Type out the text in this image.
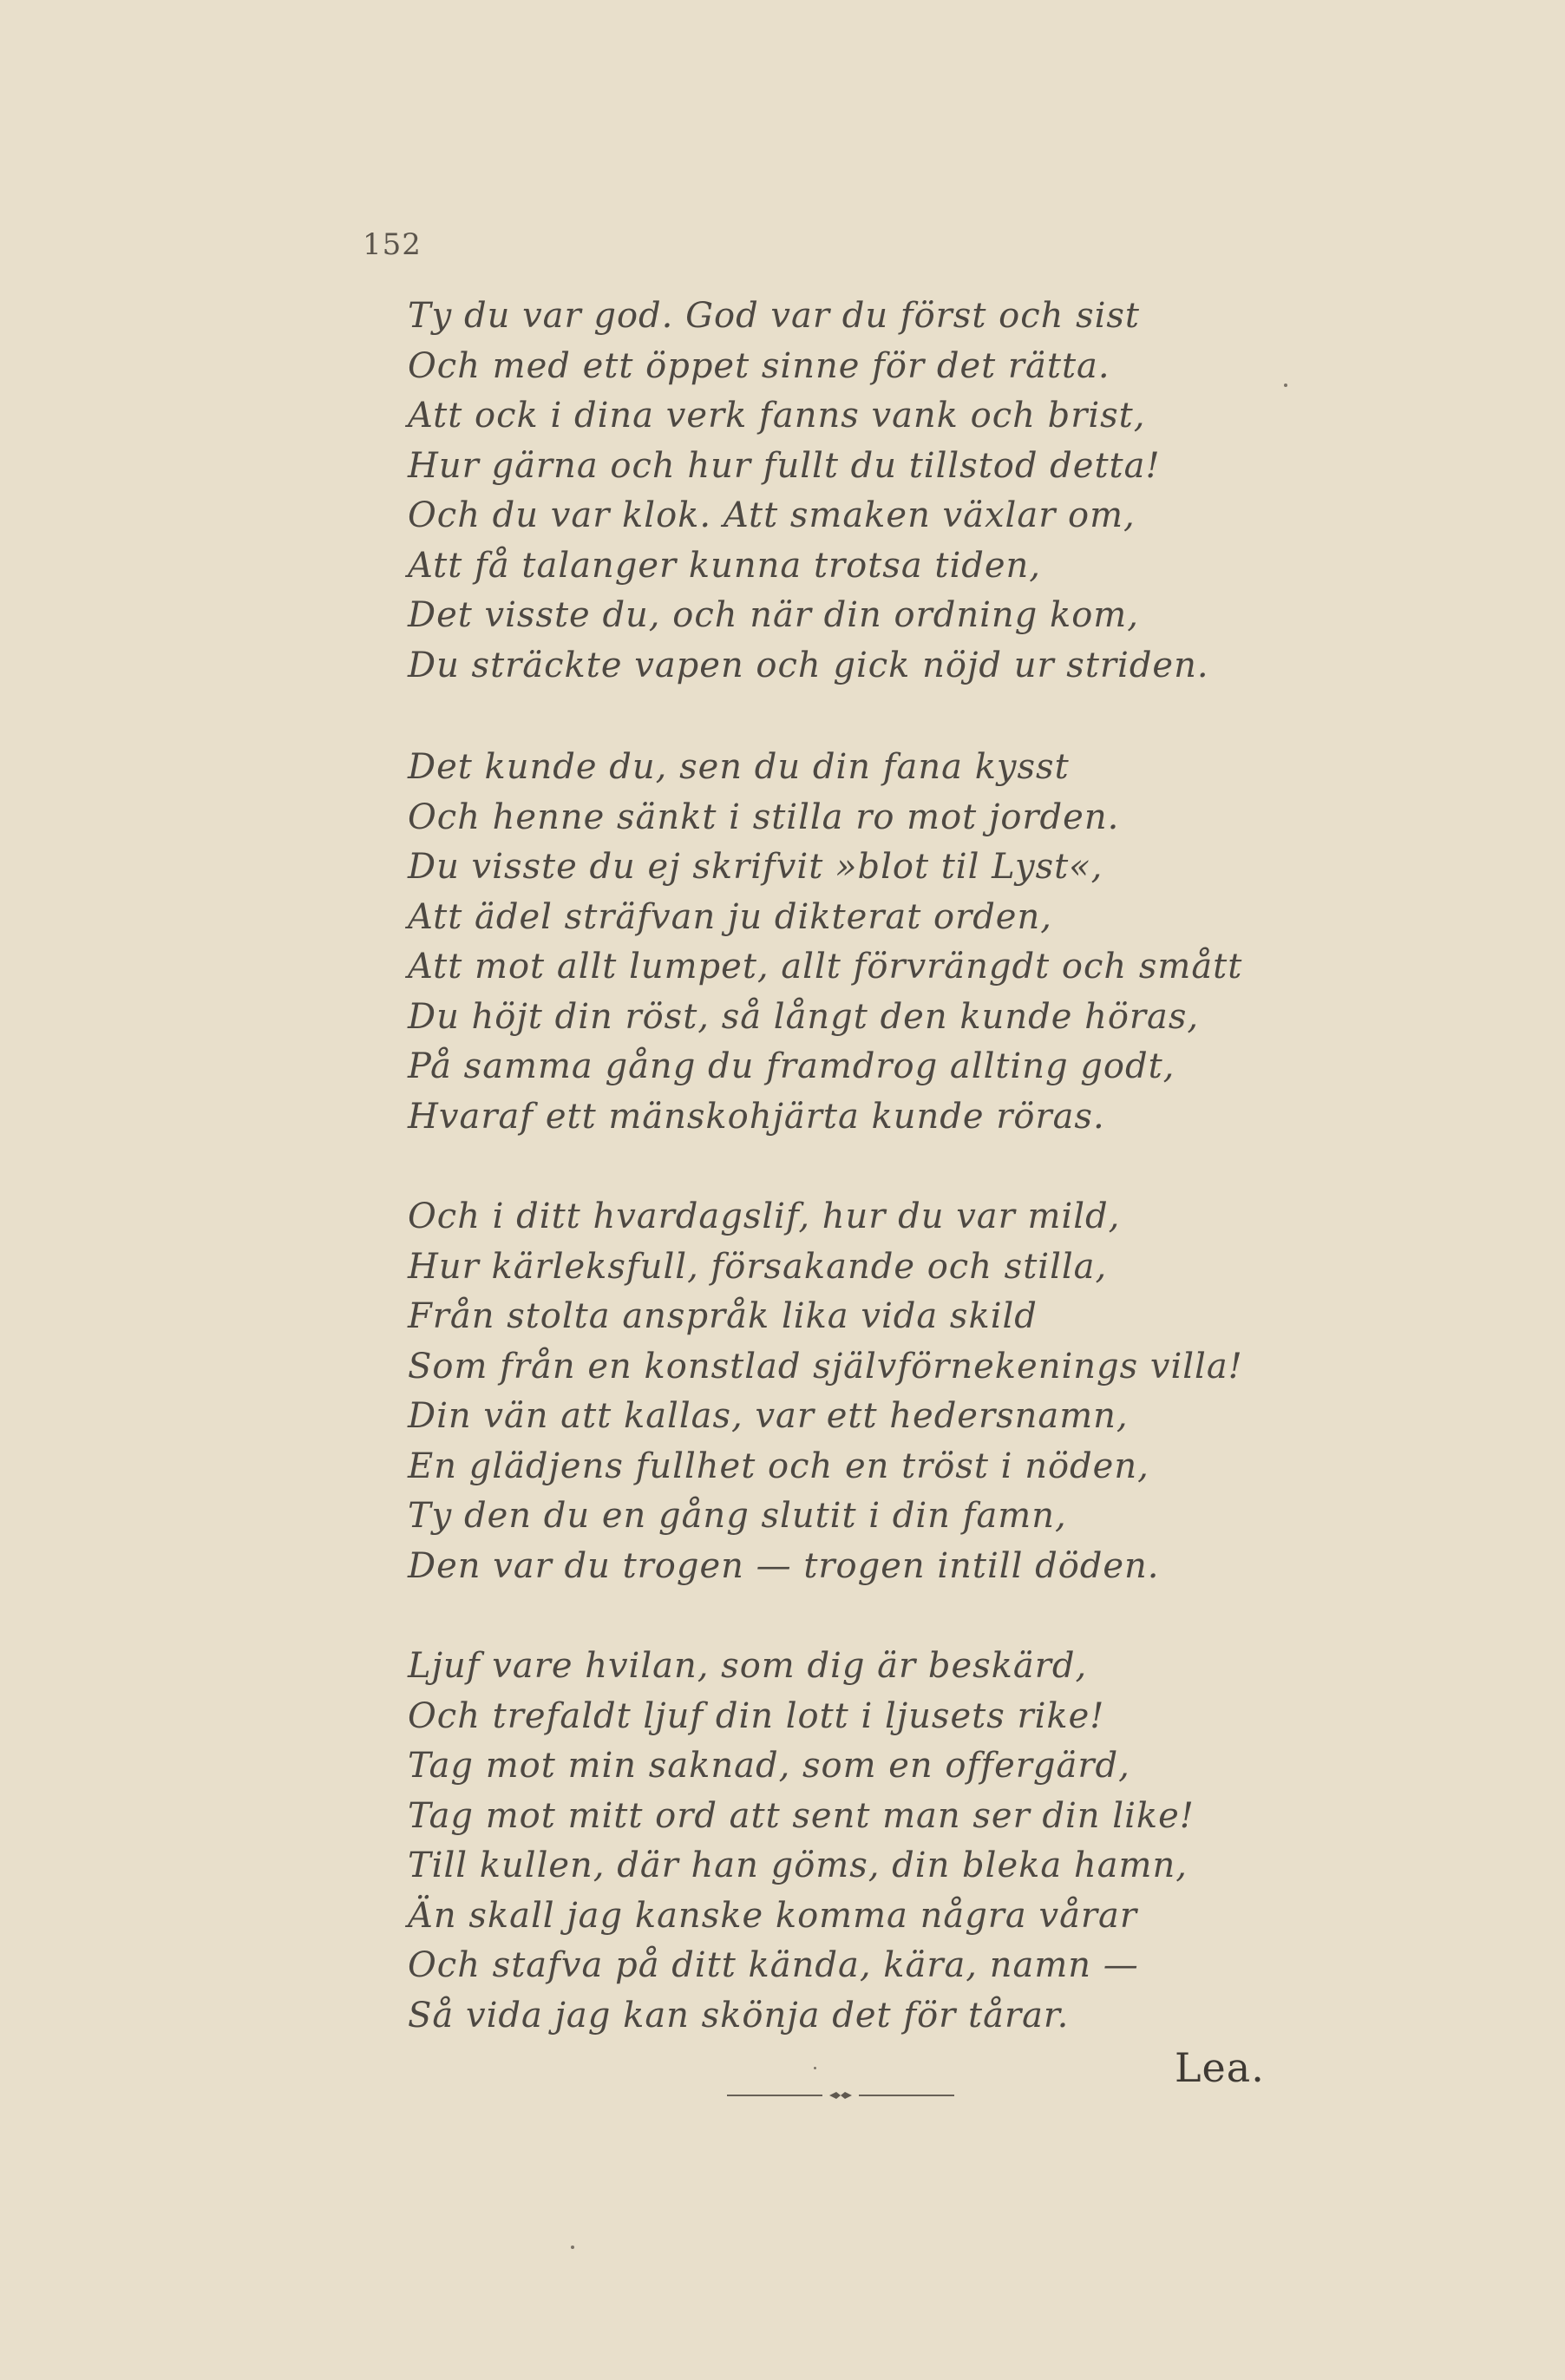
152
Ty du var god. God var du först och sist
Och med ett öppet sinne för det rätta.
Att ock i dina verk fanns vank och brist,
Hur gärna och hur fullt du tillstod detta!
Och du var klok. Att smaken växlar om,
Att få talanger kunna trotsa tiden,
Det visste du, och när din ordning kom,
Du sträckte vapen och gick nöjd ur striden.
Det kunde du, sen du din fana kysst
Och henne sänkt i stilla ro mot jorden.
Du visste du ej skrifvit »blot til Lyst«,
Att ädel sträfvan ju dikterat orden,
Att mot allt lumpet, allt förvrängdt och smått
Du höjt din röst, så långt den kunde höras,
På samma gång du framdrog allting godt,
Hvaraf ett mänskohjärta kunde röras.
Och i ditt hvardagslif, hur du var mild,
Hur kärleksfull, försakande och stilla,
Från stolta anspråk lika vida skild
Som från en konstlad självförnekenings villa!
Din vän att kallas, var ett hedersnamn,
En glädjens fullhet och en tröst i nöden,
Ty den du en gång slutit i din famn,
Den var du trogen — trogen intill döden.
Ljuf vare hvilan, som dig är beskärd,
Och trefaldt ljuf din lott i ljusets rike!
Tag mot min saknad, som en offergärd,
Tag mot mitt ord att sent man ser din like!
Till kullen, där han göms, din bleka hamn,
Än skall jag kanske komma några vårar
Och stafva på ditt kända, kära, namn —
Så vida jag kan skönja det för tårar.
Lea.
